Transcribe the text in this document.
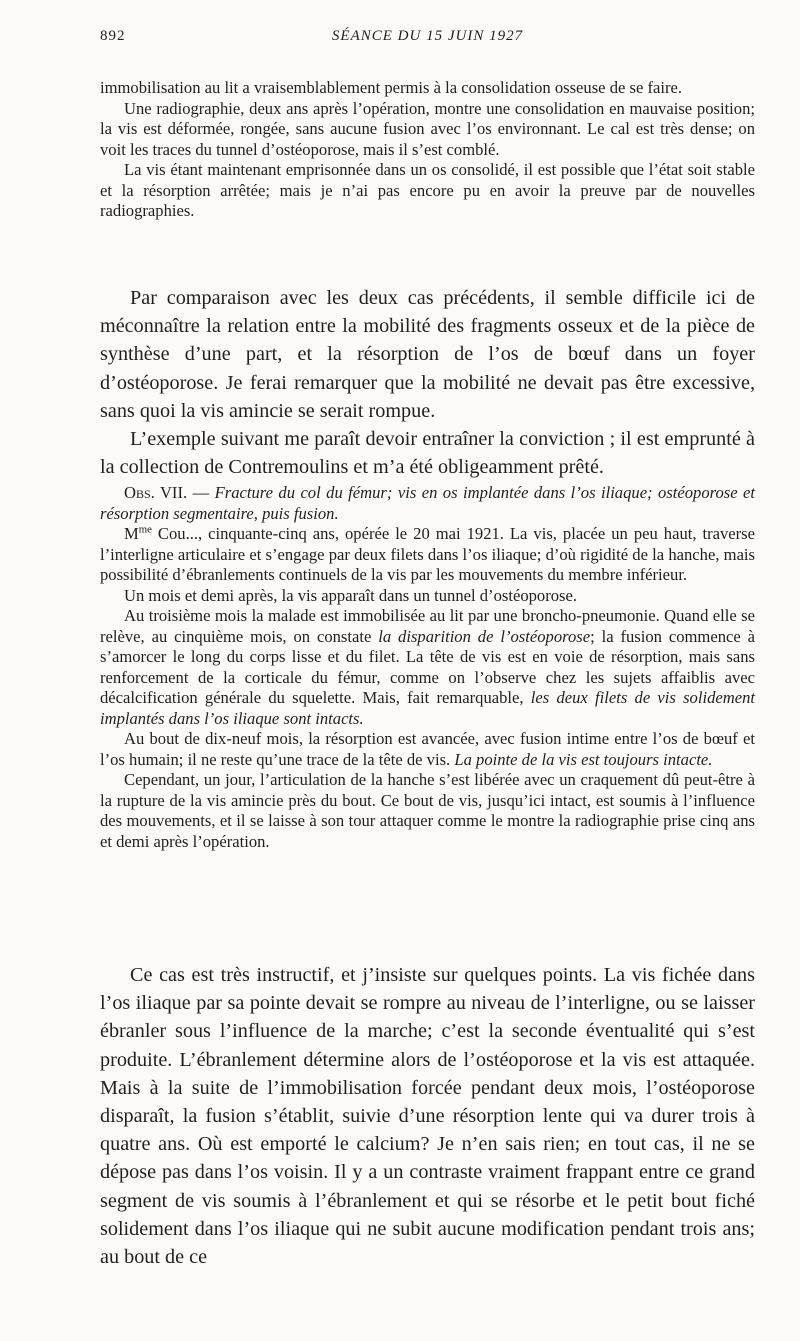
892	SÉANCE DU 15 JUIN 1927

immobilisation au lit a vraisemblablement permis à la consolidation osseuse de se faire.

Une radiographie, deux ans après l’opération, montre une consolidation en mauvaise position; la vis est déformée, rongée, sans aucune fusion avec l’os environnant. Le cal est très dense; on voit les traces du tunnel d’ostéoporose, mais il s’est comblé.

La vis étant maintenant emprisonnée dans un os consolidé, il est possible que l’état soit stable et la résorption arrêtée; mais je n’ai pas encore pu en avoir la preuve par de nouvelles radiographies.

Par comparaison avec les deux cas précédents, il semble difficile ici de méconnaître la relation entre la mobilité des fragments osseux et de la pièce de synthèse d’une part, et la résorption de l’os de bœuf dans un foyer d’ostéoporose. Je ferai remarquer que la mobilité ne devait pas être excessive, sans quoi la vis amincie se serait rompue.

L’exemple suivant me paraît devoir entraîner la conviction ; il est emprunté à la collection de Contremoulins et m’a été obligeamment prêté.

Obs. VII. — Fracture du col du fémur; vis en os implantée dans l’os iliaque; ostéoporose et résorption segmentaire, puis fusion.

$M^{me}$ Cou..., cinquante-cinq ans, opérée le 20 mai 1921. La vis, placée un peu haut, traverse l’interligne articulaire et s’engage par deux filets dans l’os iliaque; d’où rigidité de la hanche, mais possibilité d’ébranlements continuels de la vis par les mouvements du membre inférieur.

Un mois et demi après, la vis apparaît dans un tunnel d’ostéoporose.

Au troisième mois la malade est immobilisée au lit par une broncho-pneumonie. Quand elle se relève, au cinquième mois, on constate la disparition de l’ostéoporose; la fusion commence à s’amorcer le long du corps lisse et du filet. La tête de vis est en voie de résorption, mais sans renforcement de la corticale du fémur, comme on l’observe chez les sujets affaiblis avec décalcification générale du squelette. Mais, fait remarquable, les deux filets de vis solidement implantés dans l’os iliaque sont intacts.

Au bout de dix-neuf mois, la résorption est avancée, avec fusion intime entre l’os de bœuf et l’os humain; il ne reste qu’une trace de la tête de vis. La pointe de la vis est toujours intacte.

Cependant, un jour, l’articulation de la hanche s’est libérée avec un craquement dû peut-être à la rupture de la vis amincie près du bout. Ce bout de vis, jusqu’ici intact, est soumis à l’influence des mouvements, et il se laisse à son tour attaquer comme le montre la radiographie prise cinq ans et demi après l’opération.

Ce cas est très instructif, et j’insiste sur quelques points. La vis fichée dans l’os iliaque par sa pointe devait se rompre au niveau de l’interligne, ou se laisser ébranler sous l’influence de la marche; c’est la seconde éventualité qui s’est produite. L’ébranlement détermine alors de l’ostéoporose et la vis est attaquée. Mais à la suite de l’immobilisation forcée pendant deux mois, l’ostéoporose disparaît, la fusion s’établit, suivie d’une résorption lente qui va durer trois à quatre ans. Où est emporté le calcium? Je n’en sais rien; en tout cas, il ne se dépose pas dans l’os voisin. Il y a un contraste vraiment frappant entre ce grand segment de vis soumis à l’ébranlement et qui se résorbe et le petit bout fiché solidement dans l’os iliaque qui ne subit aucune modification pendant trois ans; au bout de ce
